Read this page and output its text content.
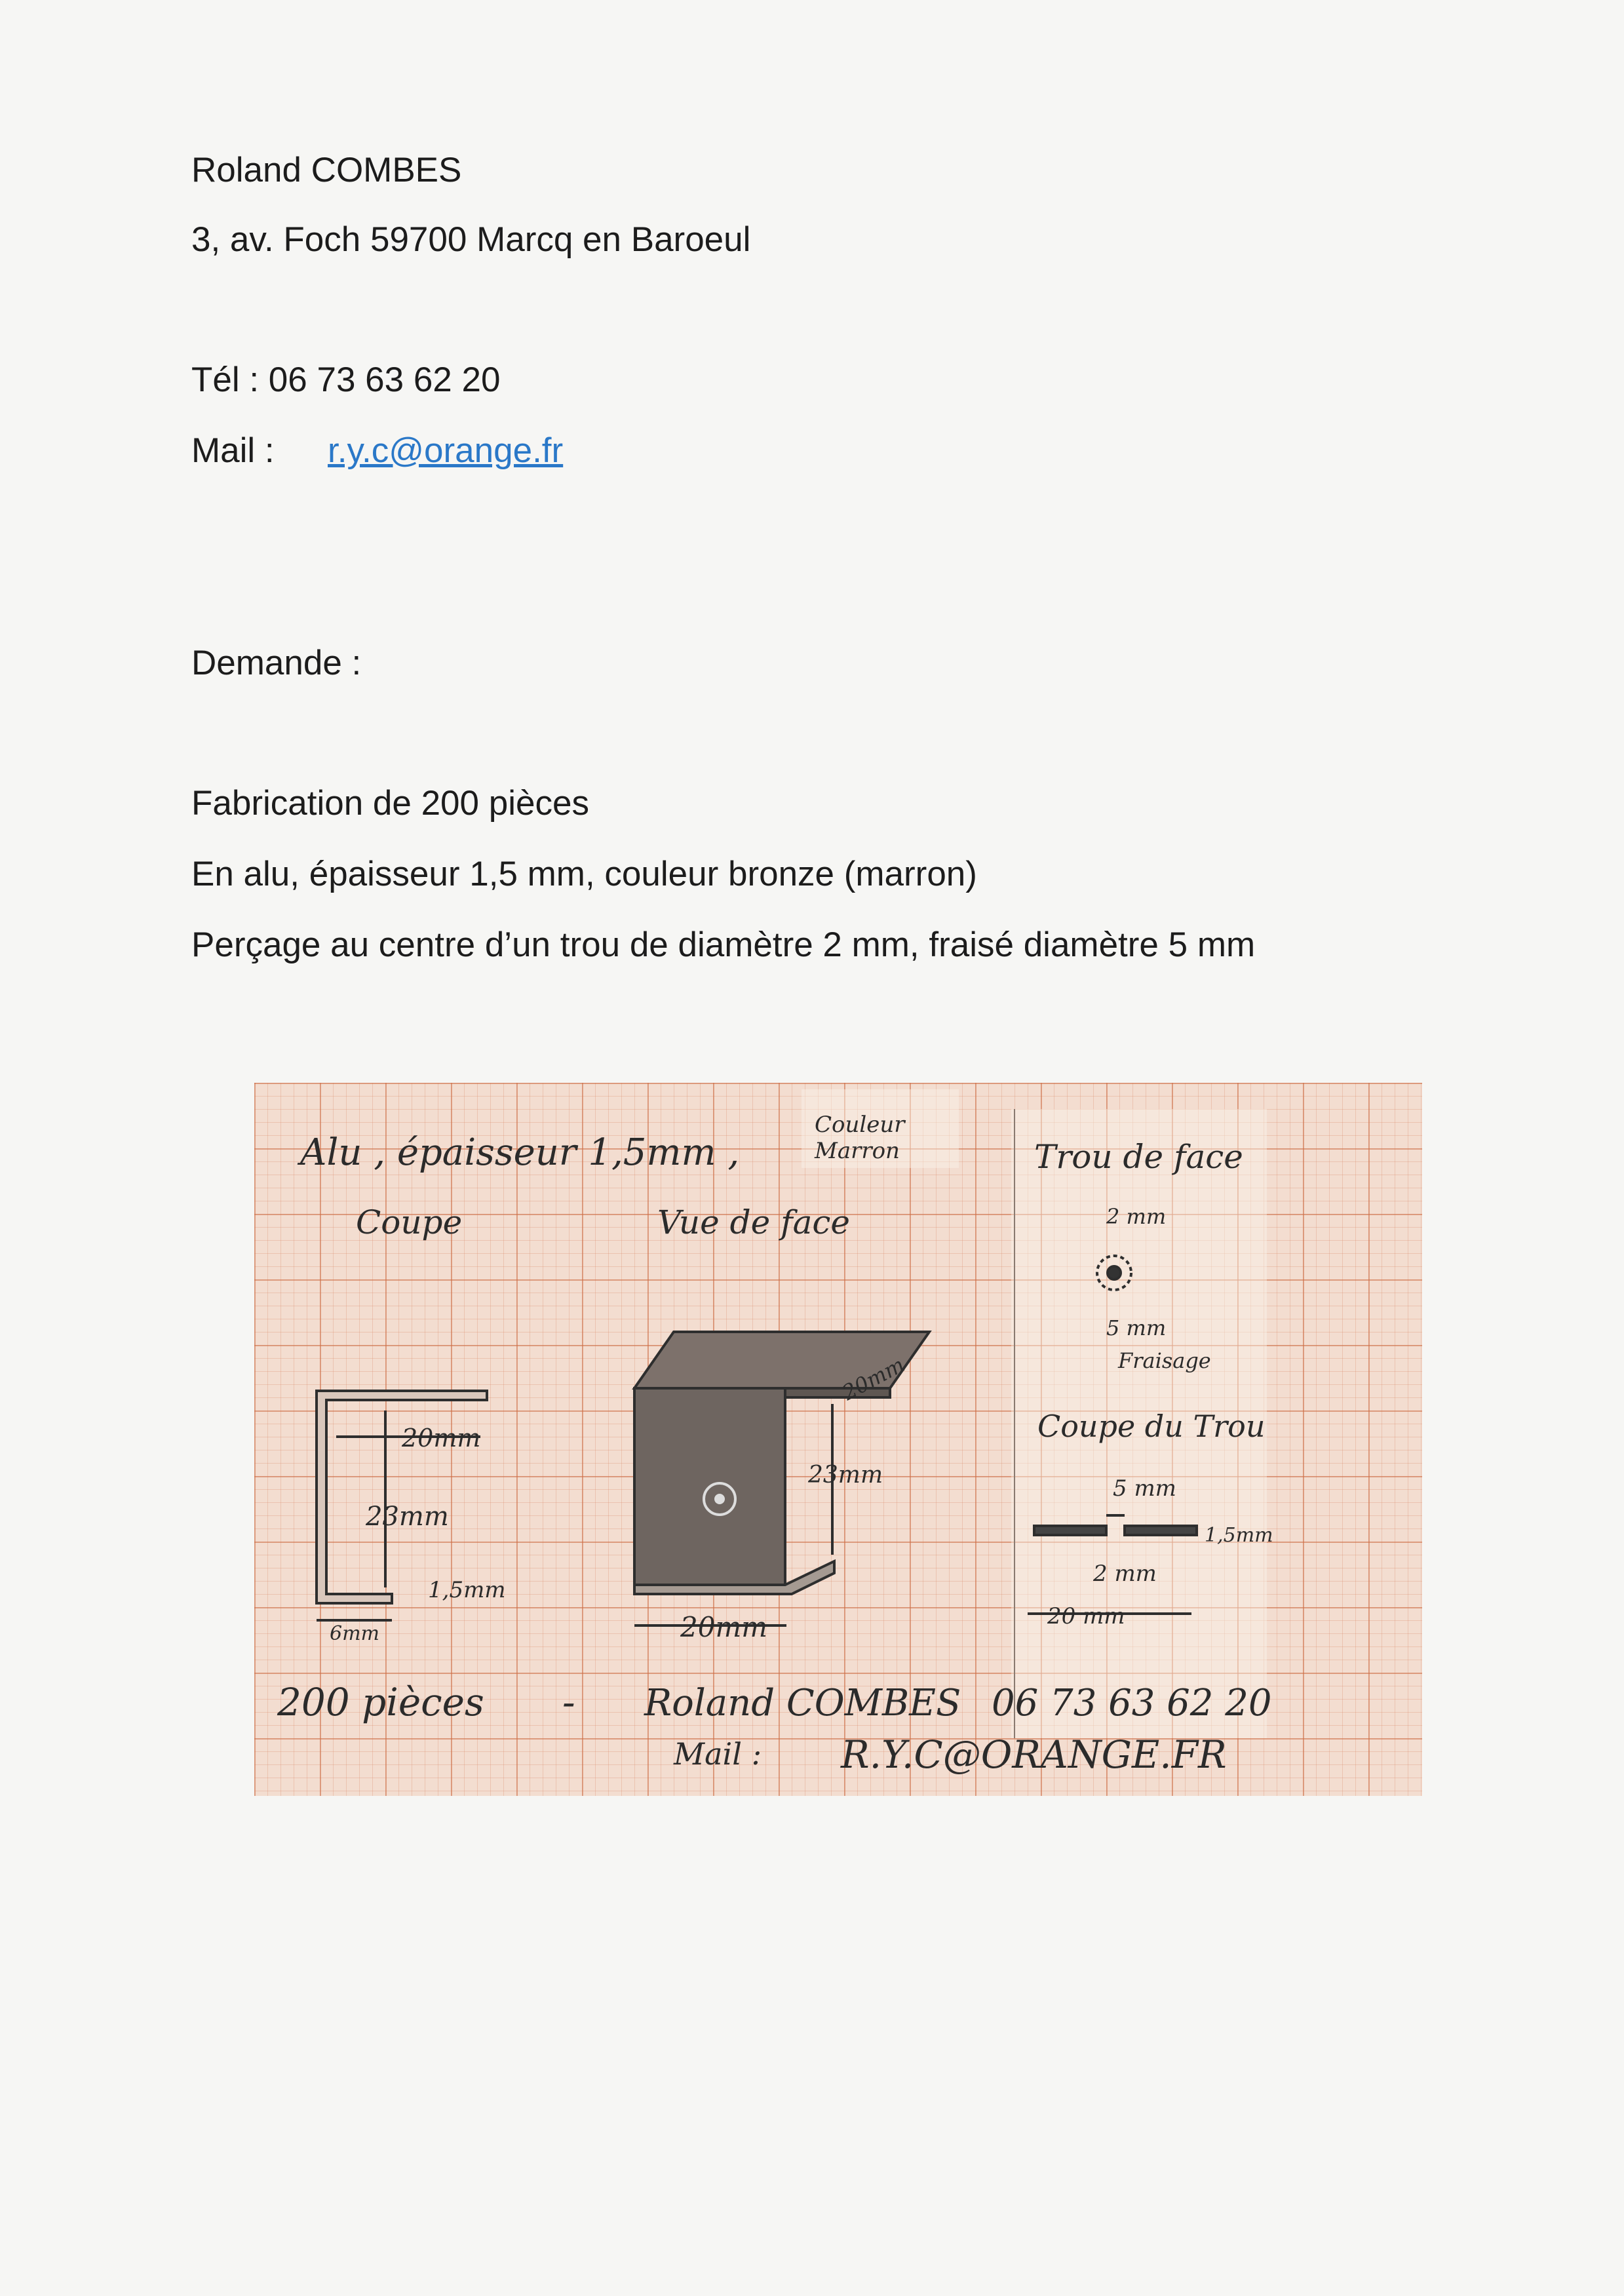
Roland COMBES
3, av. Foch 59700 Marcq en Baroeul
Tél : 06 73 63 62 20
Mail : r.y.c@orange.fr
Demande :
Fabrication de 200 pièces
En alu, épaisseur 1,5 mm, couleur bronze (marron)
Perçage au centre d’un trou de diamètre 2 mm, fraisé diamètre 5 mm
Alu , épaisseur 1,5mm ,
Couleur
Marron	Trou de face
Coupe	Vue de face	2 mm
5 mm
Fraisage
Coupe du Trou
5 mm
1,5mm
2 mm
20 mm
20mm
23mm
1,5mm
6mm
20mm
23mm
20mm
200 pièces - Roland COMBES 06 73 63 62 20
Mail : R.Y.C@ORANGE.FR
